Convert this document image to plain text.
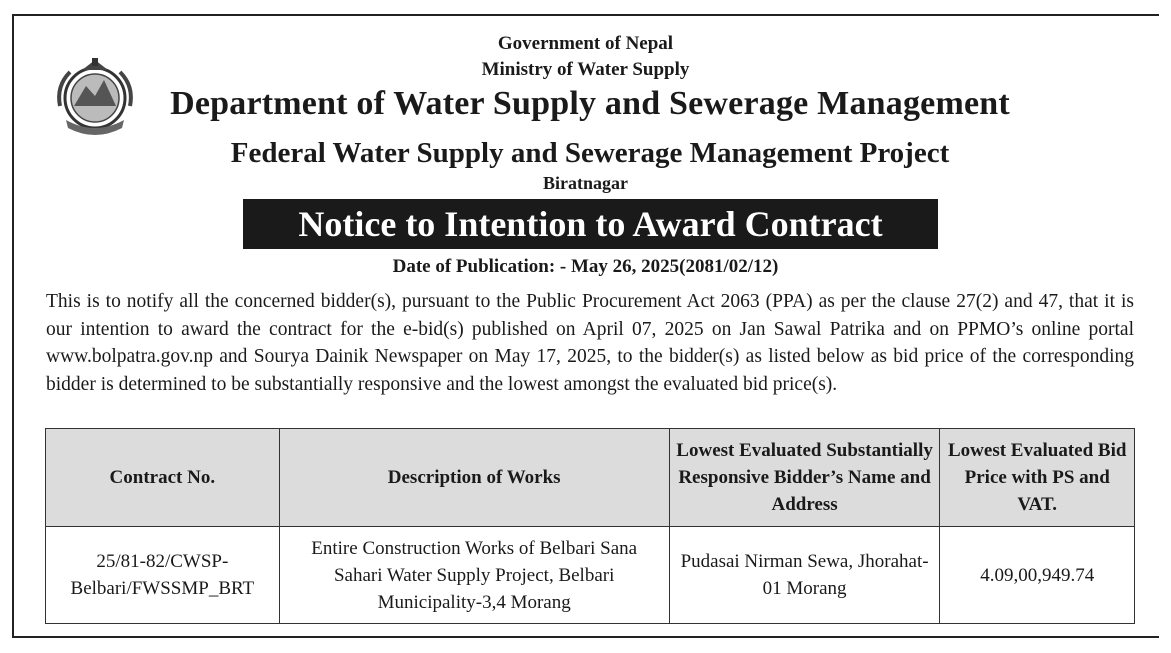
Government of Nepal
Ministry of Water Supply
Department of Water Supply and Sewerage Management
Federal Water Supply and Sewerage Management Project
Biratnagar
Notice to Intention to Award Contract
Date of Publication: - May 26, 2025(2081/02/12)
This is to notify all the concerned bidder(s), pursuant to the Public Procurement Act 2063 (PPA) as per the clause 27(2) and 47, that it is our intention to award the contract for the e-bid(s) published on April 07, 2025 on Jan Sawal Patrika and on PPMO’s online portal www.bolpatra.gov.np and Sourya Dainik Newspaper on May 17, 2025, to the bidder(s) as listed below as bid price of the corresponding bidder is determined to be substantially responsive and the lowest amongst the evaluated bid price(s).
Contract No.	Description of Works	Lowest Evaluated Substantially Responsive Bidder’s Name and Address	Lowest Evaluated Bid Price with PS and VAT.
25/81-82/CWSP-Belbari/FWSSMP_BRT	Entire Construction Works of Belbari Sana Sahari Water Supply Project, Belbari Municipality-3,4 Morang	Pudasai Nirman Sewa, Jhorahat-01 Morang	4.09,00,949.74
